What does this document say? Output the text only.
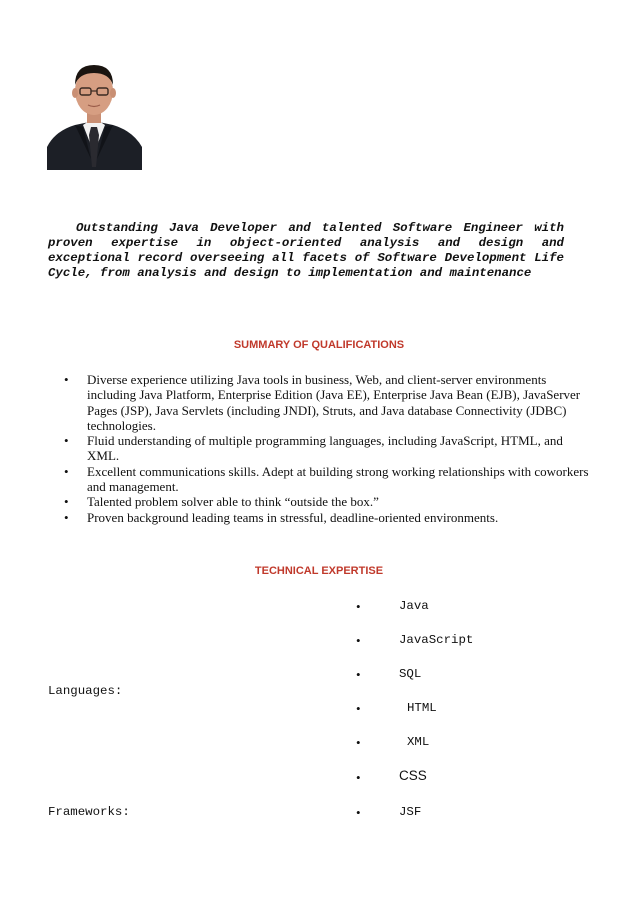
Outstanding Java Developer and talented Software Engineer with proven expertise in object-oriented analysis and design and exceptional record overseeing all facets of Software Development Life Cycle, from analysis and design to implementation and maintenance

SUMMARY OF QUALIFICATIONS
• Diverse experience utilizing Java tools in business, Web, and client-server environments including Java Platform, Enterprise Edition (Java EE), Enterprise Java Bean (EJB), JavaServer Pages (JSP), Java Servlets (including JNDI), Struts, and Java database Connectivity (JDBC) technologies.
• Fluid understanding of multiple programming languages, including JavaScript, HTML, and XML.
• Excellent communications skills. Adept at building strong working relationships with coworkers and management.
• Talented problem solver able to think “outside the box.”
• Proven background leading teams in stressful, deadline-oriented environments.
TECHNICAL EXPERTISE
Languages:
•	Java
•	JavaScript
•	SQL
•	HTML
•	XML
•	CSS
Frameworks:	•	JSF
